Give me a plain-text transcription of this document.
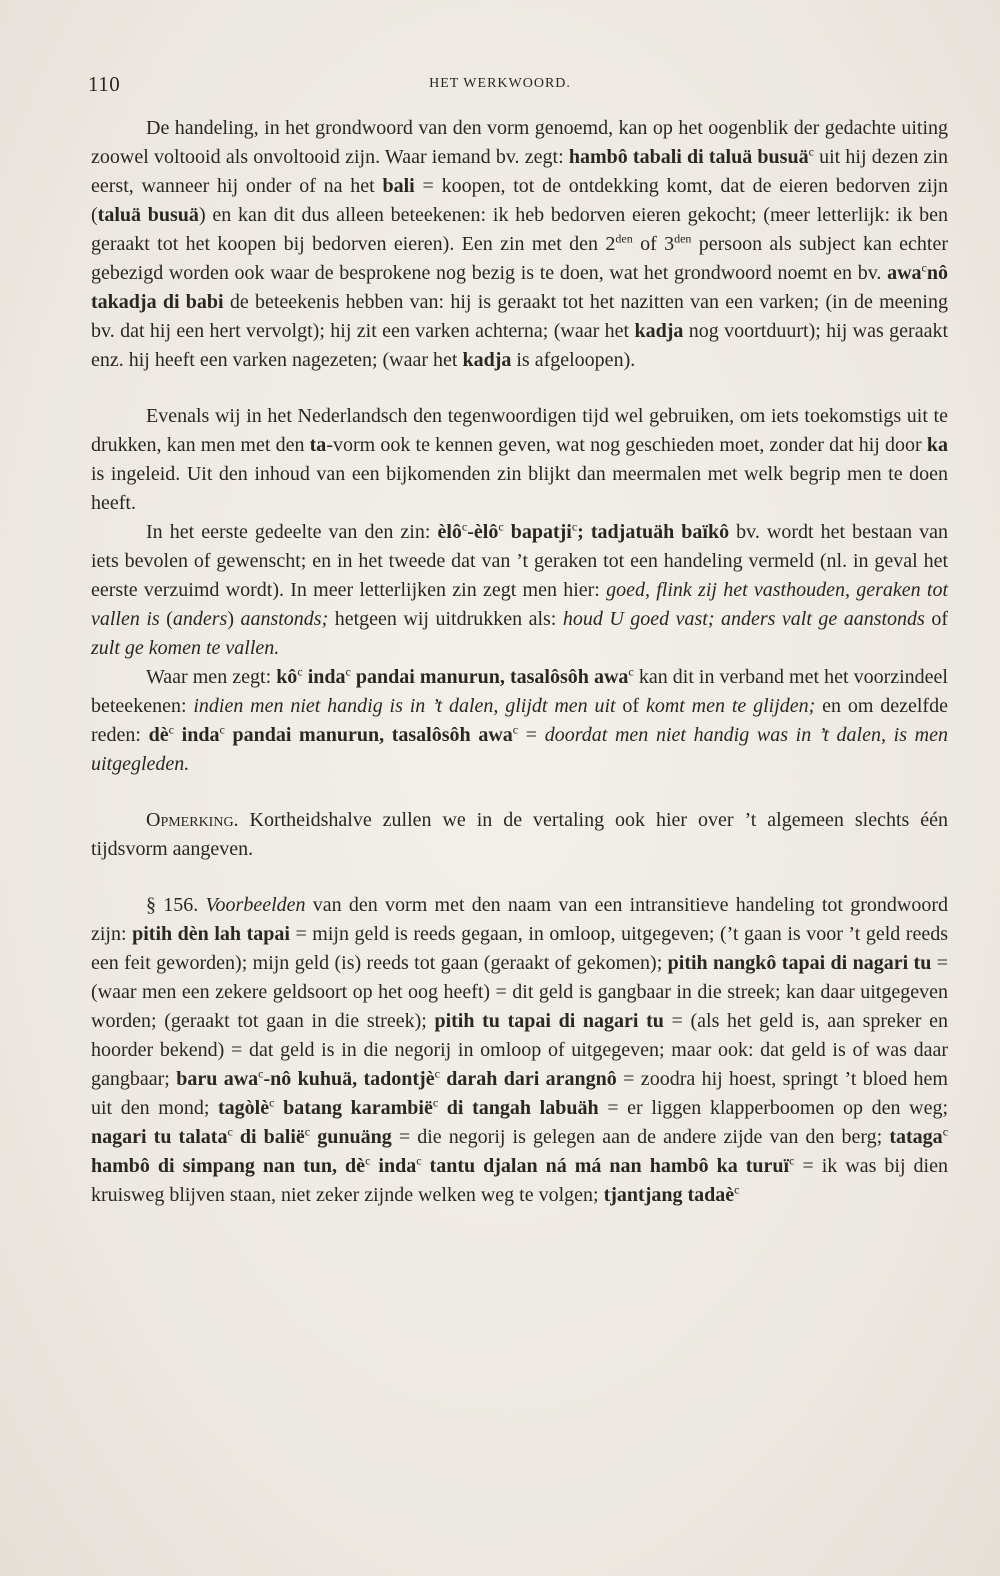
110	HET WERKWOORD.

De handeling, in het grondwoord van den vorm genoemd, kan op het oogenblik der gedachte uiting zoowel voltooid als onvoltooid zijn. Waar iemand bv. zegt: hambô tabali di taluä busuä$^c$ uit hij dezen zin eerst, wanneer hij onder of na het bali = koopen, tot de ontdekking komt, dat de eieren bedorven zijn (taluä busuä) en kan dit dus alleen beteekenen: ik heb bedorven eieren gekocht; (meer letterlijk: ik ben geraakt tot het koopen bij bedorven eieren). Een zin met den $2^{den}$ of $3^{den}$ persoon als subject kan echter gebezigd worden ook waar de besprokene nog bezig is te doen, wat het grondwoord noemt en bv. awa$^c$nô takadja di babi de beteekenis hebben van: hij is geraakt tot het nazitten van een varken; (in de meening bv. dat hij een hert vervolgt); hij zit een varken achterna; (waar het kadja nog voortduurt); hij was geraakt enz. hij heeft een varken nagezeten; (waar het kadja is afgeloopen).

Evenals wij in het Nederlandsch den tegenwoordigen tijd wel gebruiken, om iets toekomstigs uit te drukken, kan men met den ta-vorm ook te kennen geven, wat nog geschieden moet, zonder dat hij door ka is ingeleid. Uit den inhoud van een bijkomenden zin blijkt dan meermalen met welk begrip men te doen heeft.

In het eerste gedeelte van den zin: èlô$^c$-èlô$^c$ bapatji$^c$; tadjatuäh baïkô bv. wordt het bestaan van iets bevolen of gewenscht; en in het tweede dat van ’t geraken tot een handeling vermeld (nl. in geval het eerste verzuimd wordt). In meer letterlijken zin zegt men hier: goed, flink zij het vasthouden, geraken tot vallen is (anders) aanstonds; hetgeen wij uitdrukken als: houd U goed vast; anders valt ge aanstonds of zult ge komen te vallen.

Waar men zegt: $kô^c$ inda$^c$ pandai manurun, tasalôsôh awa$^c$ kan dit in verband met het voorzindeel beteekenen: indien men niet handig is in ’t dalen, glijdt men uit of komt men te glijden; en om dezelfde reden: $dè^c$ inda$^c$ pandai manurun, tasalôsôh awa$^c$ = doordat men niet handig was in ’t dalen, is men uitgegleden.

Opmerking. Kortheidshalve zullen we in de vertaling ook hier over ’t algemeen slechts één tijdsvorm aangeven.

§ 156. Voorbeelden van den vorm met den naam van een intransitieve handeling tot grondwoord zijn: pitih dèn lah tapai = mijn geld is reeds gegaan, in omloop, uitgegeven; (’t gaan is voor ’t geld reeds een feit geworden); mijn geld (is) reeds tot gaan (geraakt of gekomen); pitih nangkô tapai di nagari tu = (waar men een zekere geldsoort op het oog heeft) = dit geld is gangbaar in die streek; kan daar uitgegeven worden; (geraakt tot gaan in die streek); pitih tu tapai di nagari tu = (als het geld is, aan spreker en hoorder bekend) = dat geld is in die negorij in omloop of uitgegeven; maar ook: dat geld is of was daar gangbaar; baru awa$^c$-nô kuhuä, tadontjè$^c$ darah dari arangnô = zoodra hij hoest, springt ’t bloed hem uit den mond; tagòlè$^c$ batang karambië$^c$ di tangah labuäh = er liggen klapperboomen op den weg; nagari tu talata$^c$ di balië$^c$ gunuäng = die negorij is gelegen aan de andere zijde van den berg; tataga$^c$ hambô di simpang nan tun, $dè^c$ inda$^c$ tantu djalan ná má nan hambô ka turuï$^c$ = ik was bij dien kruisweg blijven staan, niet zeker zijnde welken weg te volgen; tjantjang tadaè$^c$
